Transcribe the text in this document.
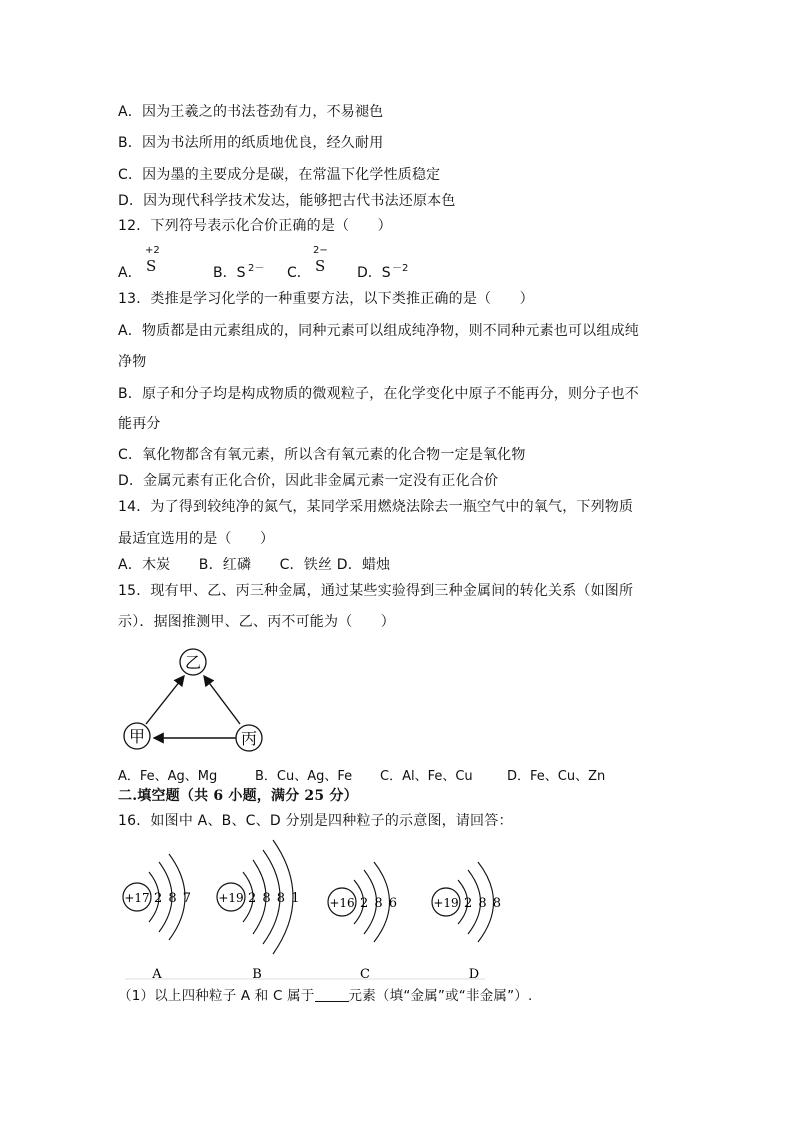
A．因为王羲之的书法苍劲有力，不易褪色
B．因为书法所用的纸质地优良，经久耐用
C．因为墨的主要成分是碳，在常温下化学性质稳定
D．因为现代科学技术发达，能够把古代书法还原本色
12．下列符号表示化合价正确的是（　　）
A．
+2
S	B．S 2－ C．
2−
S D．S －2
13．类推是学习化学的一种重要方法，以下类推正确的是（　　）
A．物质都是由元素组成的，同种元素可以组成纯净物，则不同种元素也可以组成纯
净物
B．原子和分子均是构成物质的微观粒子，在化学变化中原子不能再分，则分子也不
能再分
C．氧化物都含有氧元素，所以含有氧元素的化合物一定是氧化物
D．金属元素有正化合价，因此非金属元素一定没有正化合价
14．为了得到较纯净的氮气，某同学采用燃烧法除去一瓶空气中的氧气，下列物质
最适宜选用的是（　　）
A．木炭　　B．红磷　　C．铁丝 D．蜡烛
15．现有甲、乙、丙三种金属，通过某些实验得到三种金属间的转化关系（如图所
示）．据图推测甲、乙、丙不可能为（　　）
乙
甲	丙
A．Fe、Ag、Mg	B．Cu、Ag、Fe C．Al、Fe、Cu	D．Fe、Cu、Zn
二.填空题（共 6 小题，满分 25 分）
16．如图中 A、B、C、D 分别是四种粒子的示意图，请回答：
+17 2 8 7
A
+19 2 8 8 1
B
+16 2 8 6
C
+19 2 8 8
D
（1）以上四种粒子 A 和 C 属于	元素（填“金属”或“非金属”）.
